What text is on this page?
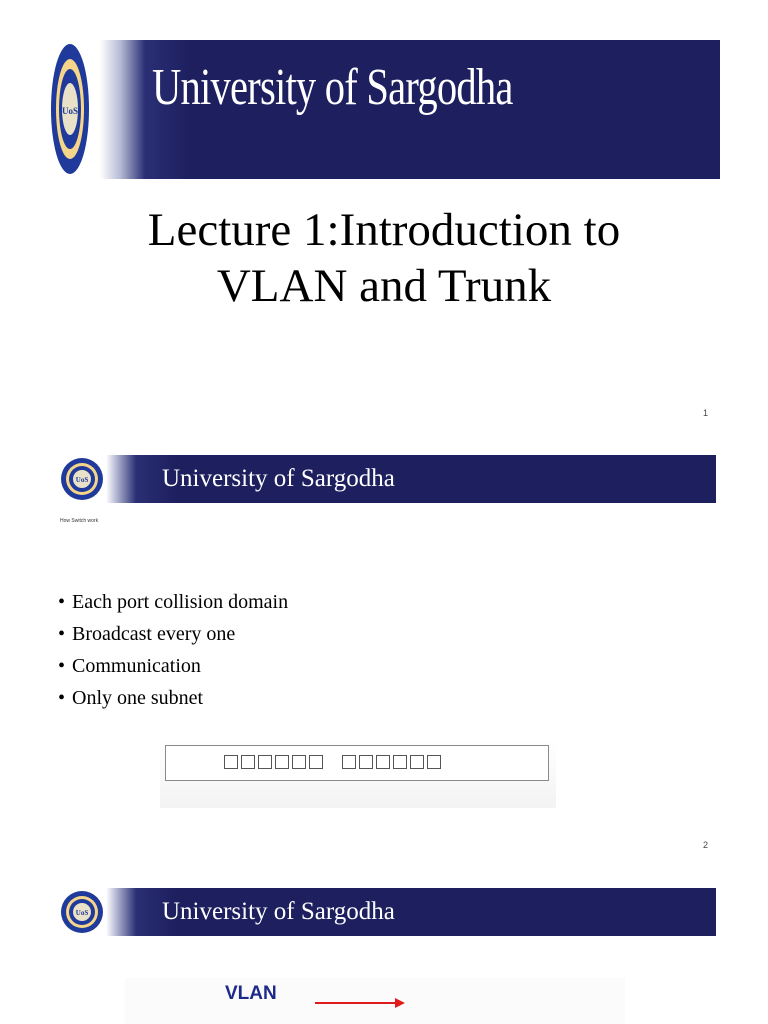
UoS University of Sargodha
Lecture 1:Introduction to
VLAN and Trunk
1
UoS	University of Sargodha
How Switch work
• Each port collision domain
• Broadcast every one
• Communication
• Only one subnet
2
UoS	University of Sargodha
VLAN
